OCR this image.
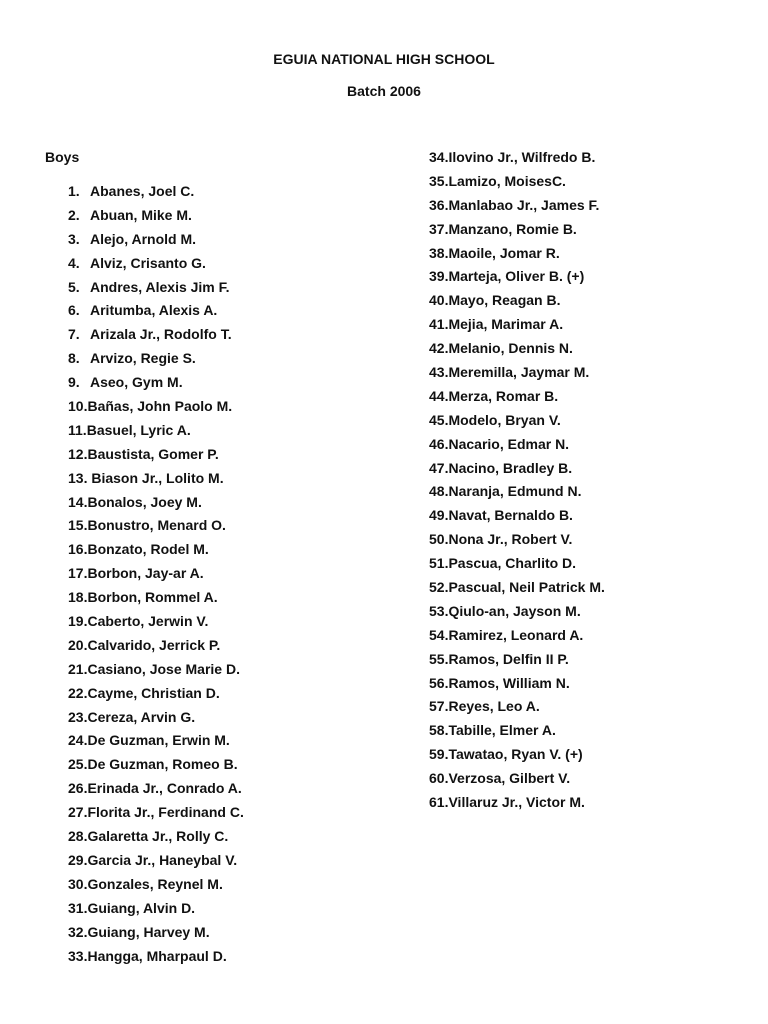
EGUIA NATIONAL HIGH SCHOOL
Batch 2006
Boys
1. Abanes, Joel C.
2. Abuan, Mike M.
3. Alejo, Arnold M.
4. Alviz, Crisanto G.
5. Andres, Alexis Jim F.
6. Aritumba, Alexis A.
7. Arizala Jr., Rodolfo T.
8. Arvizo, Regie S.
9. Aseo, Gym M.
10.Bañas, John Paolo M.
11.Basuel, Lyric A.
12.Baustista, Gomer P.
13. Biason Jr., Lolito M.
14.Bonalos, Joey M.
15.Bonustro, Menard O.
16.Bonzato, Rodel M.
17.Borbon, Jay-ar A.
18.Borbon, Rommel A.
19.Caberto, Jerwin V.
20.Calvarido, Jerrick P.
21.Casiano, Jose Marie D.
22.Cayme, Christian D.
23.Cereza, Arvin G.
24.De Guzman, Erwin M.
25.De Guzman, Romeo B.
26.Erinada Jr., Conrado A.
27.Florita Jr., Ferdinand C.
28.Galaretta Jr., Rolly C.
29.Garcia Jr., Haneybal V.
30.Gonzales, Reynel M.
31.Guiang, Alvin D.
32.Guiang, Harvey M.
33.Hangga, Mharpaul D.
34.Ilovino Jr., Wilfredo B.
35.Lamizo, MoisesC.
36.Manlabao Jr., James F.
37.Manzano, Romie B.
38.Maoile, Jomar R.
39.Marteja, Oliver B. (+)
40.Mayo, Reagan B.
41.Mejia, Marimar A.
42.Melanio, Dennis N.
43.Meremilla, Jaymar M.
44.Merza, Romar B.
45.Modelo, Bryan V.
46.Nacario, Edmar N.
47.Nacino, Bradley B.
48.Naranja, Edmund N.
49.Navat, Bernaldo B.
50.Nona Jr., Robert V.
51.Pascua, Charlito D.
52.Pascual, Neil Patrick M.
53.Qiulo-an, Jayson M.
54.Ramirez, Leonard A.
55.Ramos, Delfin II P.
56.Ramos, William N.
57.Reyes, Leo A.
58.Tabille, Elmer A.
59.Tawatao, Ryan V. (+)
60.Verzosa, Gilbert V.
61.Villaruz Jr., Victor M.
